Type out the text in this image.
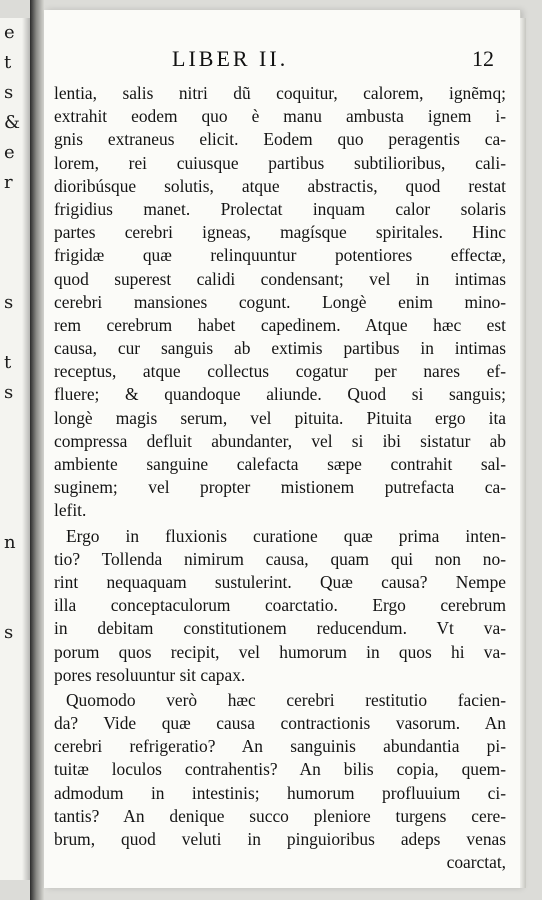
e
t
s
&
e
r
s
t
s
n
s
LIBER II.	12
lentia, salis nitri dũ coquitur, calorem, ignẽmq;
extrahit eodem quo è manu ambusta ignem i-
gnis extraneus elicit. Eodem quo peragentis ca-
lorem, rei cuiusque partibus subtilioribus, cali-
dioribúsque solutis, atque abstractis, quod restat
frigidius manet. Prolectat inquam calor solaris
partes cerebri igneas, magísque spiritales. Hinc
frigidæ quæ relinquuntur potentiores effectæ,
quod superest calidi condensant; vel in intimas
cerebri mansiones cogunt. Longè enim mino-
rem cerebrum habet capedinem. Atque hæc est
causa, cur sanguis ab extimis partibus in intimas
receptus, atque collectus cogatur per nares ef-
fluere; & quandoque aliunde. Quod si sanguis;
longè magis serum, vel pituita. Pituita ergo ita
compressa defluit abundanter, vel si ibi sistatur ab
ambiente sanguine calefacta sæpe contrahit sal-
suginem; vel propter mistionem putrefacta ca-
lefit.
Ergo in fluxionis curatione quæ prima inten-
tio? Tollenda nimirum causa, quam qui non no-
rint nequaquam sustulerint. Quæ causa? Nempe
illa conceptaculorum coarctatio. Ergo cerebrum
in debitam constitutionem reducendum. Vt va-
porum quos recipit, vel humorum in quos hi va-
pores resoluuntur sit capax.
Quomodo verò hæc cerebri restitutio facien-
da? Vide quæ causa contractionis vasorum. An
cerebri refrigeratio? An sanguinis abundantia pi-
tuitæ loculos contrahentis? An bilis copia, quem-
admodum in intestinis; humorum profluuium ci-
tantis? An denique succo pleniore turgens cere-
brum, quod veluti in pinguioribus adeps venas
coarctat,
